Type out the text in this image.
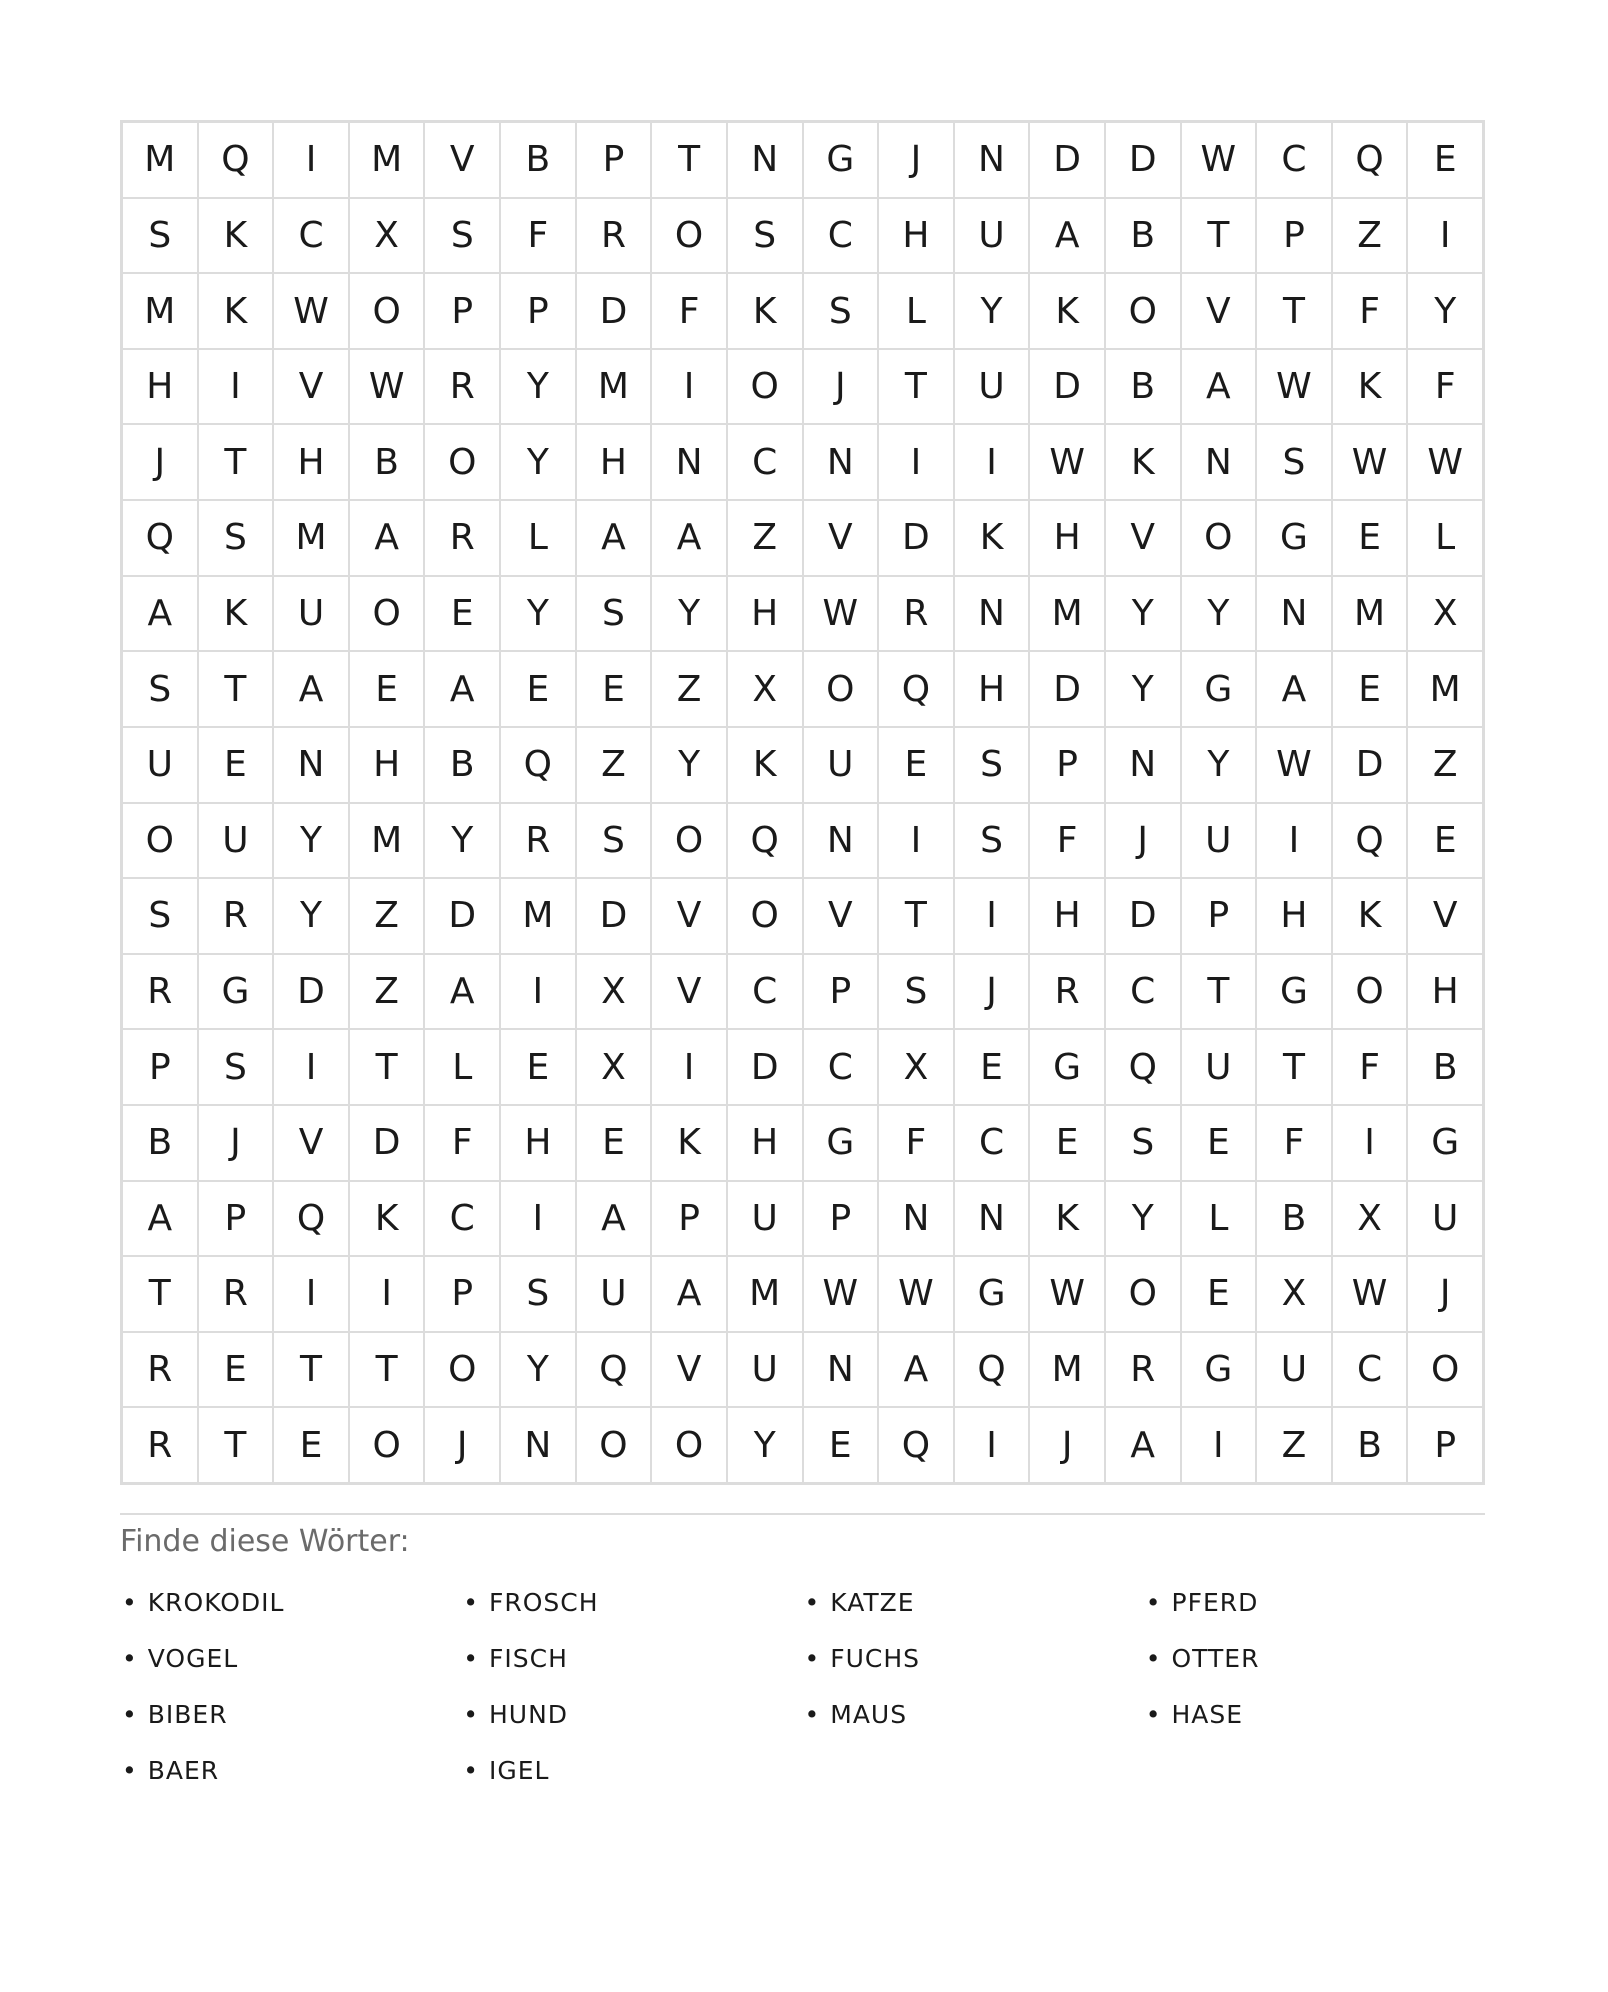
M	Q	I	M	V	B	P	T	N	G	J	N	D	D	W	C	Q	E
S	K	C	X	S	F	R	O	S	C	H	U	A	B	T	P	Z	I
M	K	W	O	P	P	D	F	K	S	L	Y	K	O	V	T	F	Y
H	I	V	W	R	Y	M	I	O	J	T	U	D	B	A	W	K	F
J	T	H	B	O	Y	H	N	C	N	I	I	W	K	N	S	W	W
Q	S	M	A	R	L	A	A	Z	V	D	K	H	V	O	G	E	L
A	K	U	O	E	Y	S	Y	H	W	R	N	M	Y	Y	N	M	X
S	T	A	E	A	E	E	Z	X	O	Q	H	D	Y	G	A	E	M
U	E	N	H	B	Q	Z	Y	K	U	E	S	P	N	Y	W	D	Z
O	U	Y	M	Y	R	S	O	Q	N	I	S	F	J	U	I	Q	E
S	R	Y	Z	D	M	D	V	O	V	T	I	H	D	P	H	K	V
R	G	D	Z	A	I	X	V	C	P	S	J	R	C	T	G	O	H
P	S	I	T	L	E	X	I	D	C	X	E	G	Q	U	T	F	B
B	J	V	D	F	H	E	K	H	G	F	C	E	S	E	F	I	G
A	P	Q	K	C	I	A	P	U	P	N	N	K	Y	L	B	X	U
T	R	I	I	P	S	U	A	M	W	W	G	W	O	E	X	W	J
R	E	T	T	O	Y	Q	V	U	N	A	Q	M	R	G	U	C	O
R	T	E	O	J	N	O	O	Y	E	Q	I	J	A	I	Z	B	P
Finde diese Wörter:
• KROKODIL	• FROSCH	• KATZE	• PFERD
• VOGEL	• FISCH	• FUCHS	• OTTER
• BIBER	• HUND	• MAUS	• HASE
• BAER	• IGEL
